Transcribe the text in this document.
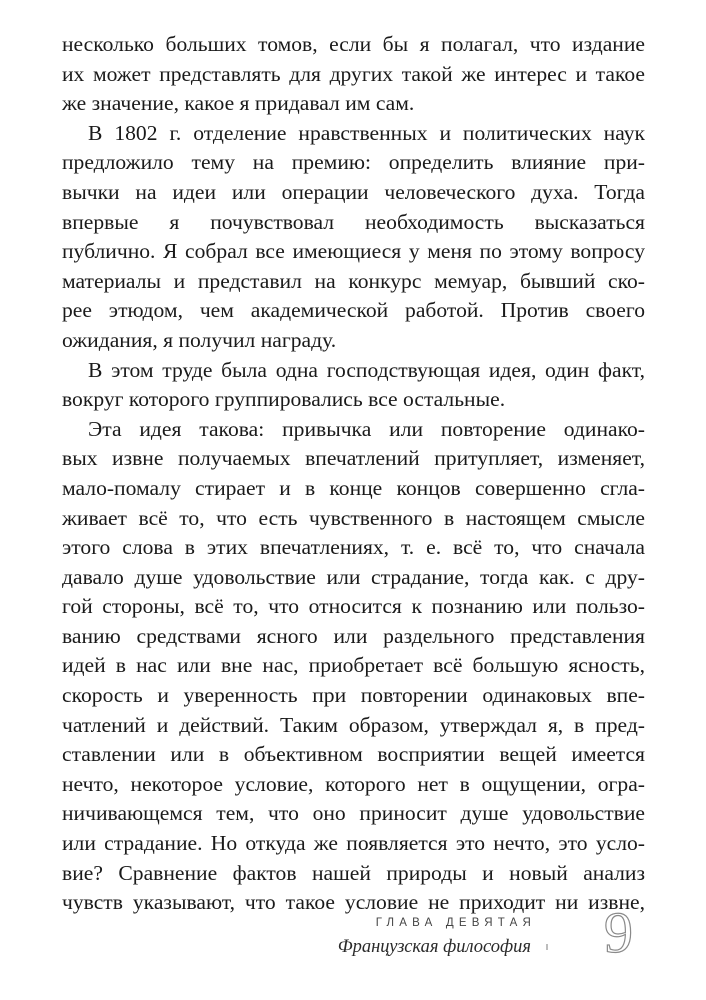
несколько больших томов, если бы я полагал, что издание
их может представлять для других такой же интерес и такое
же значение, какое я придавал им сам.
В 1802 г. отделение нравственных и политических наук
предложило тему на премию: определить влияние при-
вычки на идеи или операции человеческого духа. Тогда
впервые я почувствовал необходимость высказаться
публично. Я собрал все имеющиеся у меня по этому вопросу
материалы и представил на конкурс мемуар, бывший ско-
рее этюдом, чем академической работой. Против своего
ожидания, я получил награду.
В этом труде была одна господствующая идея, один факт,
вокруг которого группировались все остальные.
Эта идея такова: привычка или повторение одинако-
вых извне получаемых впечатлений притупляет, изменяет,
мало-помалу стирает и в конце концов совершенно сгла-
живает всё то, что есть чувственного в настоящем смысле
этого слова в этих впечатлениях, т. е. всё то, что сначала
давало душе удовольствие или страдание, тогда как. с дру-
гой стороны, всё то, что относится к познанию или пользо-
ванию средствами ясного или раздельного представления
идей в нас или вне нас, приобретает всё большую ясность,
скорость и уверенность при повторении одинаковых впе-
чатлений и действий. Таким образом, утверждал я, в пред-
ставлении или в объективном восприятии вещей имеется
нечто, некоторое условие, которого нет в ощущении, огра-
ничивающемся тем, что оно приносит душе удовольствие
или страдание. Но откуда же появляется это нечто, это усло-
вие? Сравнение фактов нашей природы и новый анализ
чувств указывают, что такое условие не приходит ни извне,
ГЛАВА ДЕВЯТАЯ
Французская философия 9
